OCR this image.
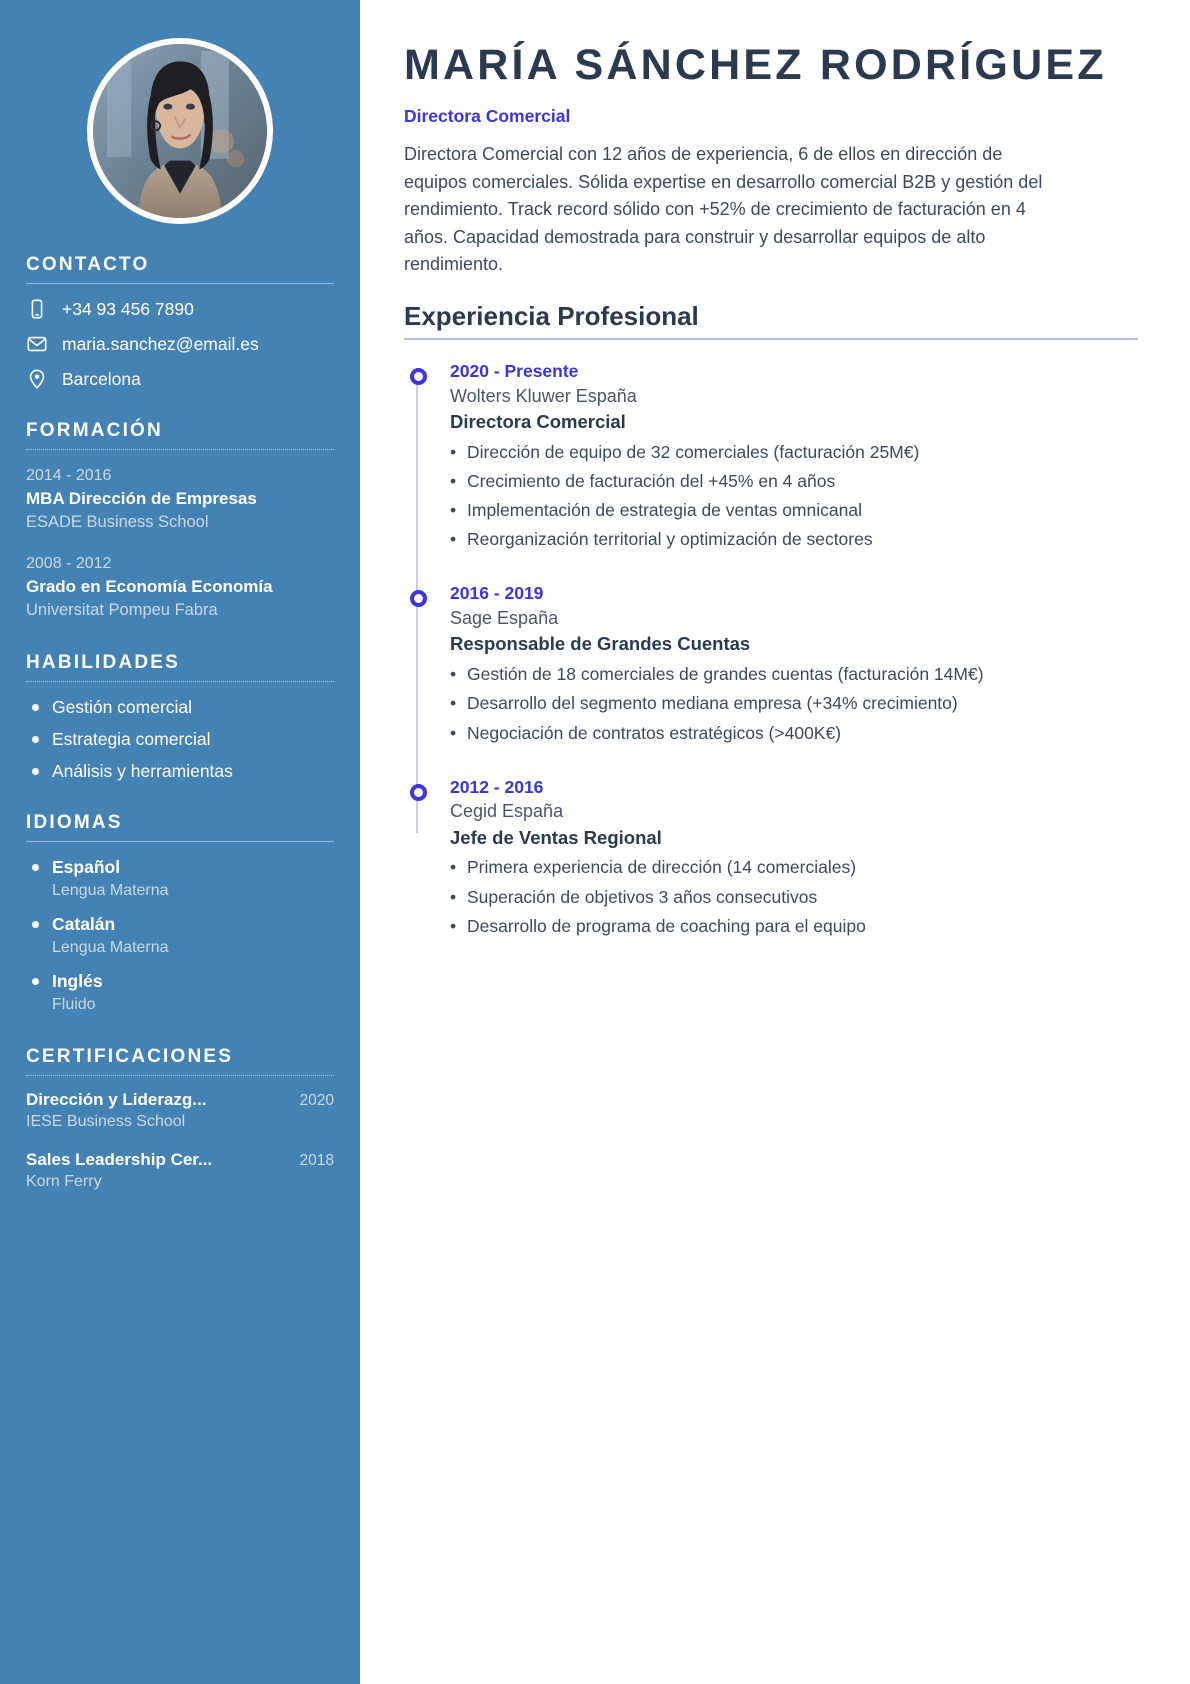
CONTACTO
+34 93 456 7890
maria.sanchez@email.es
Barcelona
FORMACIÓN
2014 - 2016
MBA Dirección de Empresas
ESADE Business School
2008 - 2012
Grado en Economía Economía
Universitat Pompeu Fabra
HABILIDADES
Gestión comercial
Estrategia comercial
Análisis y herramientas
IDIOMAS
Español
Lengua Materna
Catalán
Lengua Materna
Inglés
Fluido
CERTIFICACIONES
Dirección y Liderazg...	2020
IESE Business School
Sales Leadership Cer...	2018
Korn Ferry
MARÍA SÁNCHEZ RODRÍGUEZ
Directora Comercial

Directora Comercial con 12 años de experiencia, 6 de ellos en dirección de equipos comerciales. Sólida expertise en desarrollo comercial B2B y gestión del rendimiento. Track record sólido con +52% de crecimiento de facturación en 4 años. Capacidad demostrada para construir y desarrollar equipos de alto rendimiento.

Experiencia Profesional
2020 - Presente
Wolters Kluwer España
Directora Comercial
• Dirección de equipo de 32 comerciales (facturación 25M€)
• Crecimiento de facturación del +45% en 4 años
• Implementación de estrategia de ventas omnicanal
• Reorganización territorial y optimización de sectores
2016 - 2019
Sage España
Responsable de Grandes Cuentas
• Gestión de 18 comerciales de grandes cuentas (facturación 14M€)
• Desarrollo del segmento mediana empresa (+34% crecimiento)
• Negociación de contratos estratégicos (>400K€)
2012 - 2016
Cegid España
Jefe de Ventas Regional
• Primera experiencia de dirección (14 comerciales)
• Superación de objetivos 3 años consecutivos
• Desarrollo de programa de coaching para el equipo
